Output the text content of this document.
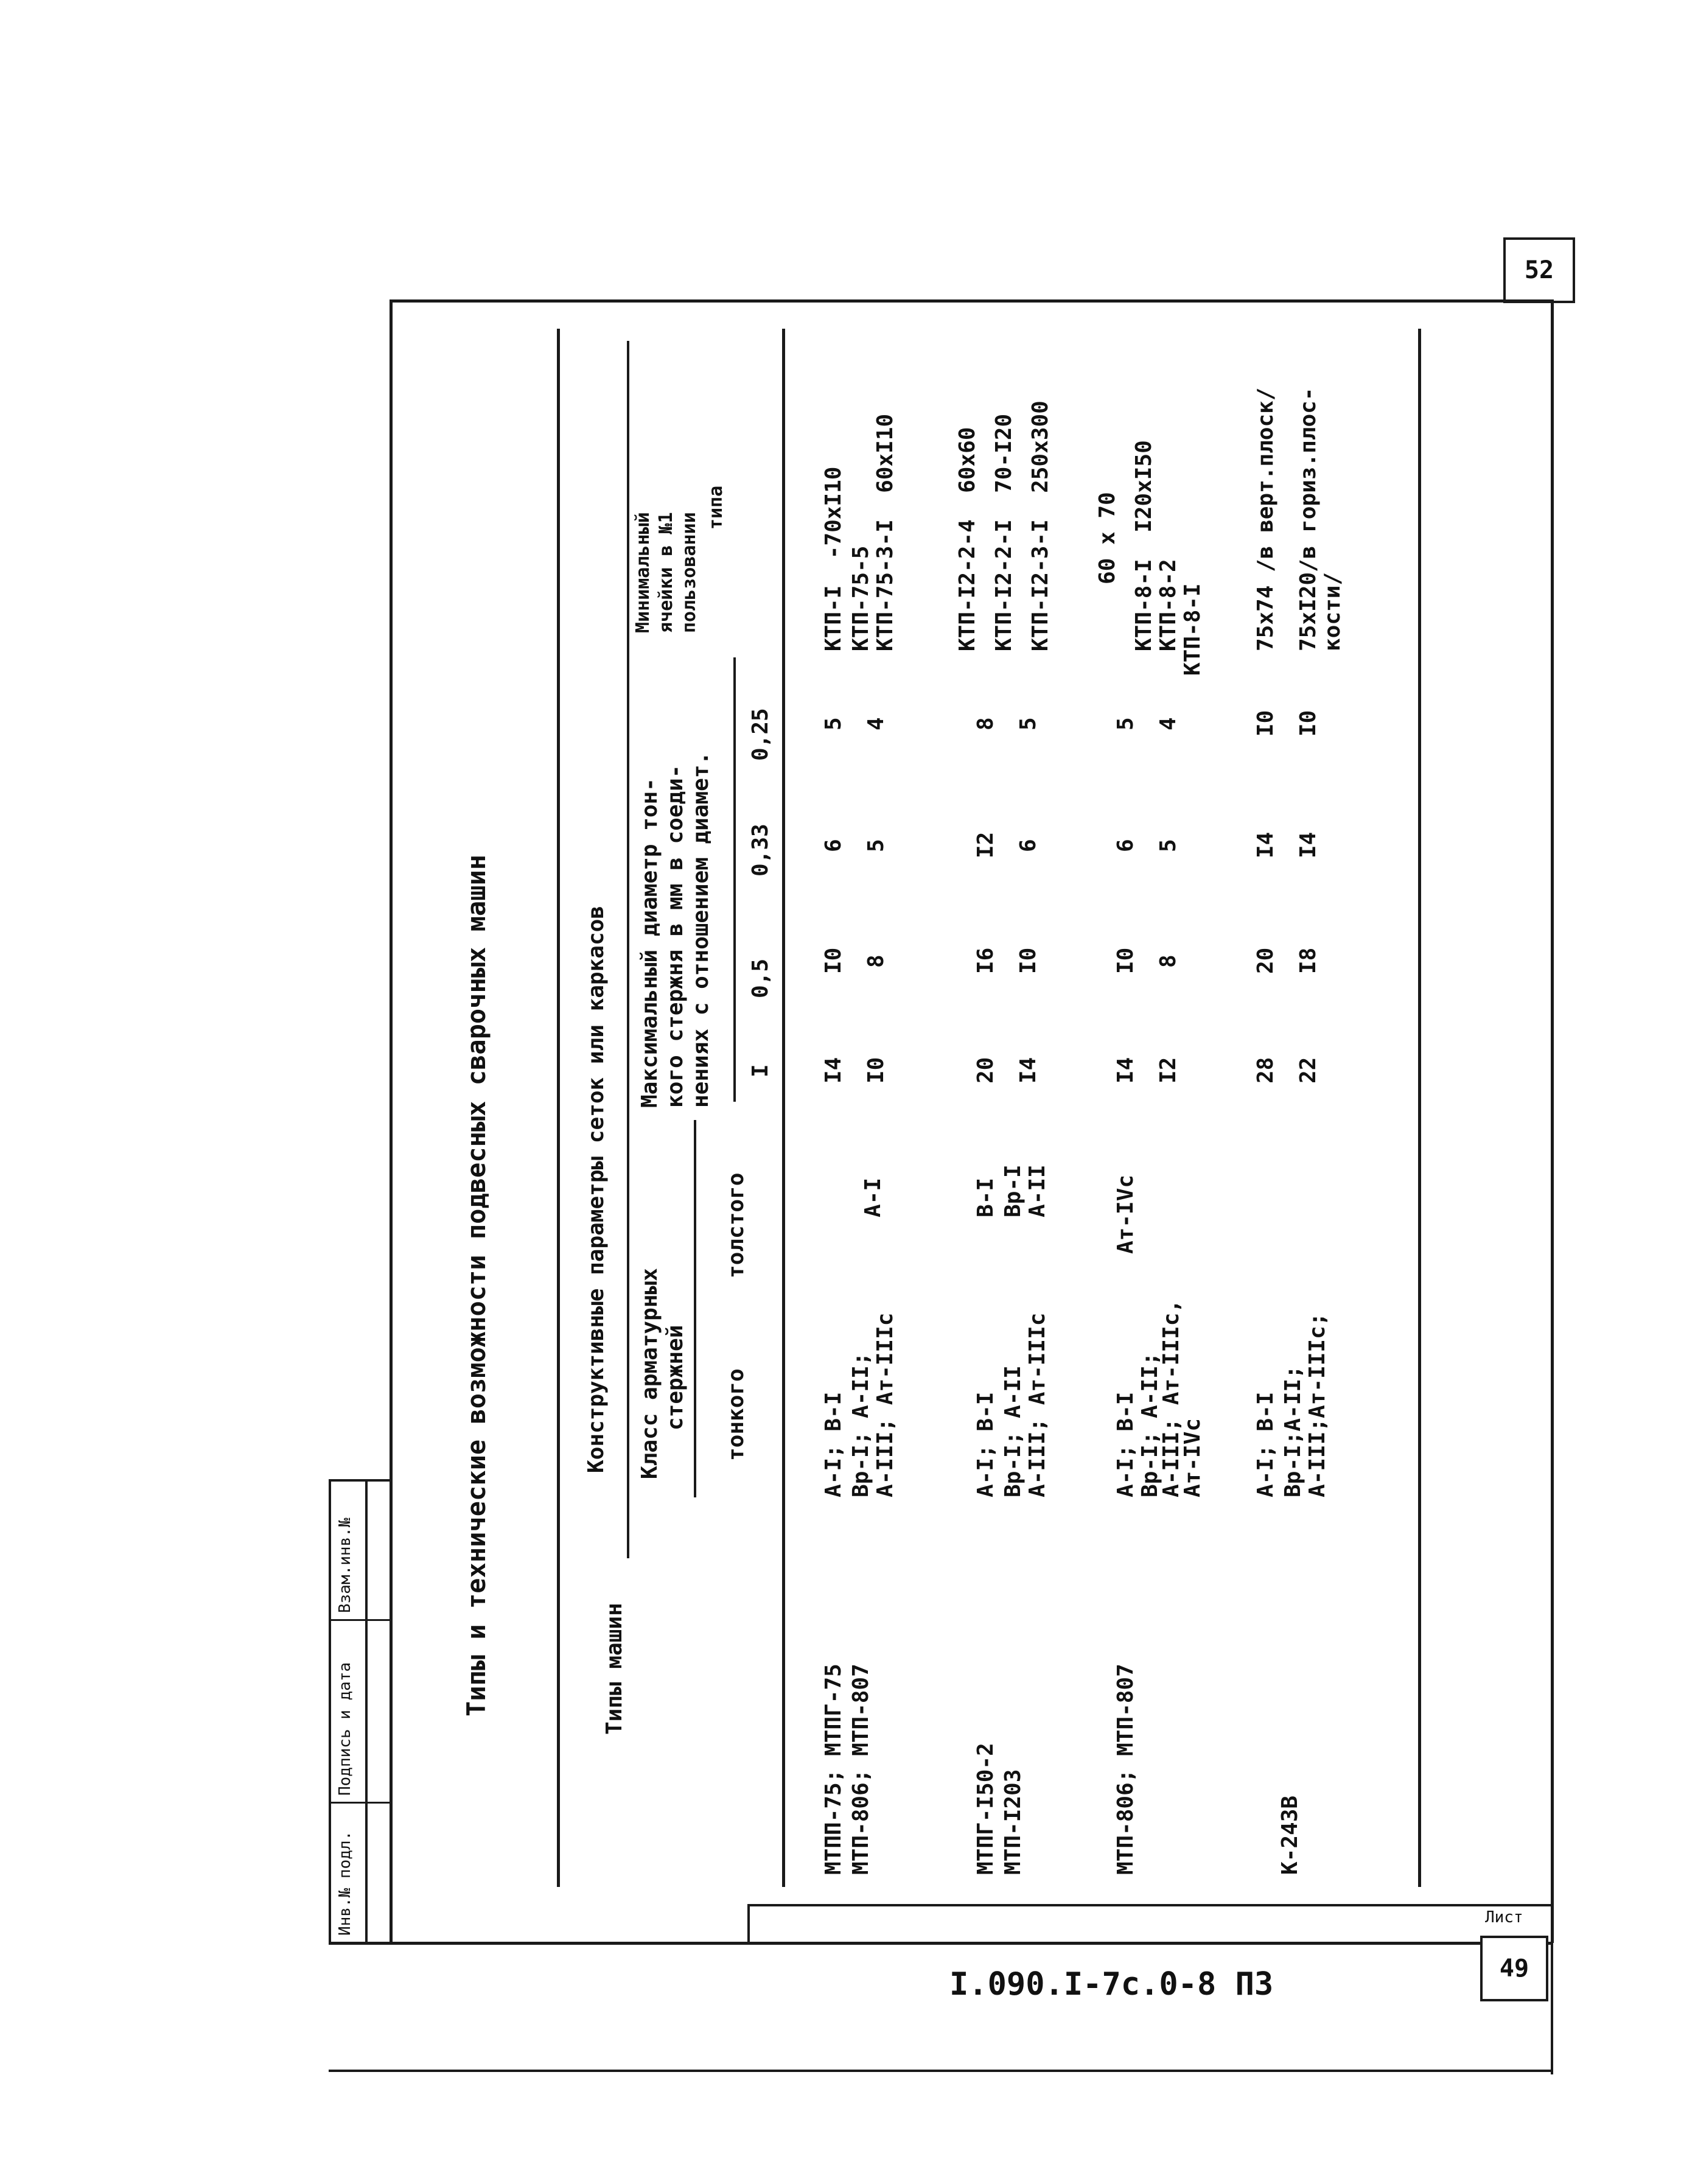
52
Инв.№ подл.
Подпись и дата
Взам.инв.№
I.090.I-7с.0-8 ПЗ
Лист
49
Типы и технические возможности подвесных сварочных машин	Типы машин
Конструктивные параметры сеток или каркасов Класс арматурных стержней тонкого
толстого
Максимальный диаметр тон- кого стержня в мм в соеди- нениях с отношением диамет. I
0,5
0,33
0,25
Минимальный ячейки в №1 пользовании
типа
МТПП-75; МТПГ-75 МТП-806; МТП-807
А-I; В-I Вр-I; А-II; А-III; Ат-IIIс
А-I
I4 I0
I0 8
6 5
5 4
КТП-I  -70хI10 КТП-75-5 КТП-75-3-I  60хI10
МТПГ-I50-2 МТП-I203
А-I; В-I Вр-I; А-II А-III; Ат-IIIс
В-I Вр-I А-II
20 I4
I6 I0
I2 6
8 5
КТП-I2-2-4  60х60 КТП-I2-2-I  70-I20 КТП-I2-3-I  250х300
МТП-806; МТП-807
А-I; В-I Вр-I; А-II;
А-III; Ат-IIIс,
Ат-IVс
Ат-IVс
I4 I2
I0 8
6 5
5 4
60 х 70 КТП-8-I  I20хI50 КТП-8-2 КТП-8-I
К-243В
А-I; В-I Вр-I;А-II; А-III;Ат-IIIс;
28 22
20 I8
I4 I4
I0 I0
75х74 /в верт.плоск/ 75хI20/в гориз.плос- кости/
